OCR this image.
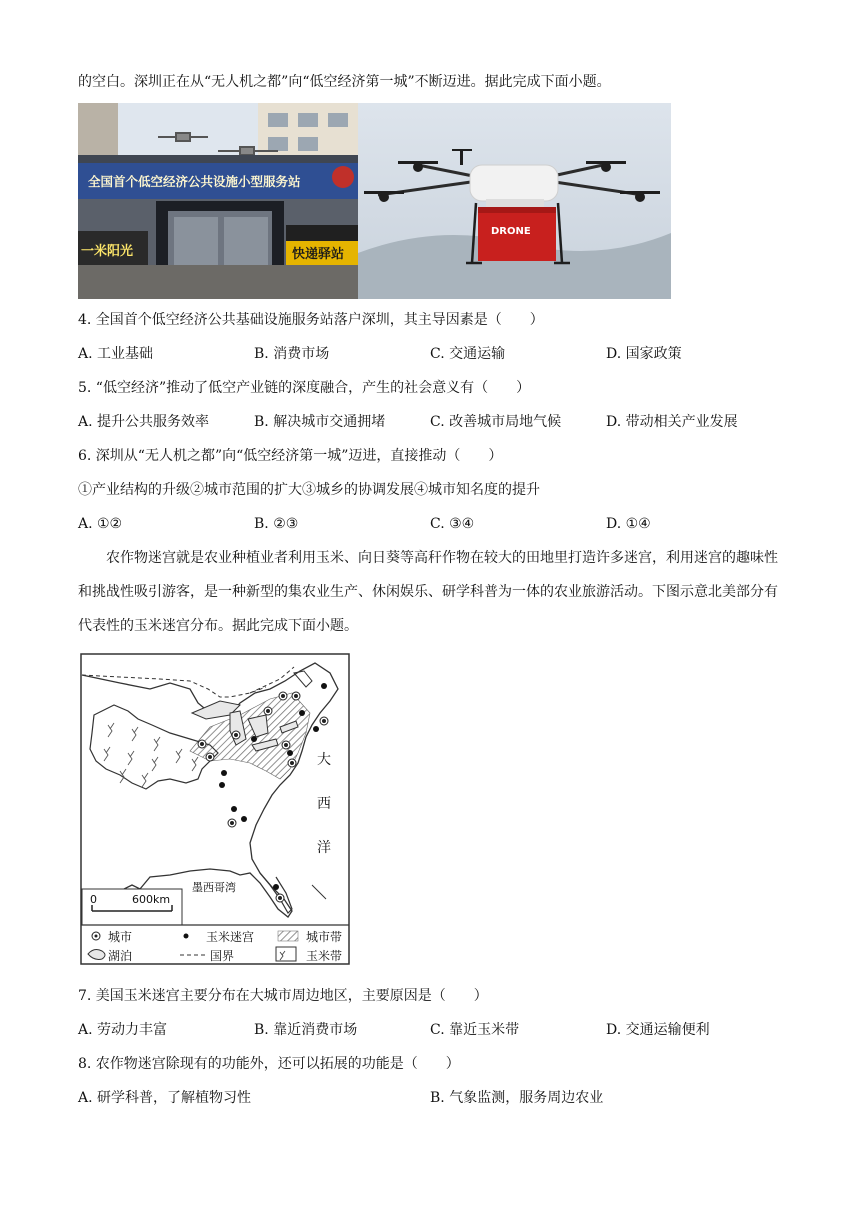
的空白。深圳正在从“无人机之都”向“低空经济第一城”不断迈进。据此完成下面小题。
全国首个低空经济公共设施小型服务站
一米阳光	快递驿站
DRONE
4. 全国首个低空经济公共基础设施服务站落户深圳，其主导因素是（　　）
A. 工业基础	B. 消费市场	C. 交通运输	D. 国家政策
5. “低空经济”推动了低空产业链的深度融合，产生的社会意义有（　　）
A. 提升公共服务效率	B. 解决城市交通拥堵	C. 改善城市局地气候	D. 带动相关产业发展
6. 深圳从“无人机之都”向“低空经济第一城”迈进，直接推动（　　）
①产业结构的升级②城市范围的扩大③城乡的协调发展④城市知名度的提升
A. ①②	B. ②③	C. ③④	D. ①④
农作物迷宫就是农业种植业者利用玉米、向日葵等高秆作物在较大的田地里打造许多迷宫，利用迷宫的趣味性和挑战性吸引游客，是一种新型的集农业生产、休闲娱乐、研学科普为一体的农业旅游活动。下图示意北美部分有代表性的玉米迷宫分布。据此完成下面小题。
大
西
洋
墨西哥湾
0	600km
城市	玉米迷宫	城市带
湖泊	国界	玉米带
7. 美国玉米迷宫主要分布在大城市周边地区，主要原因是（　　）
A. 劳动力丰富	B. 靠近消费市场	C. 靠近玉米带	D. 交通运输便利
8. 农作物迷宫除现有的功能外，还可以拓展的功能是（　　）
A. 研学科普，了解植物习性	B. 气象监测，服务周边农业
